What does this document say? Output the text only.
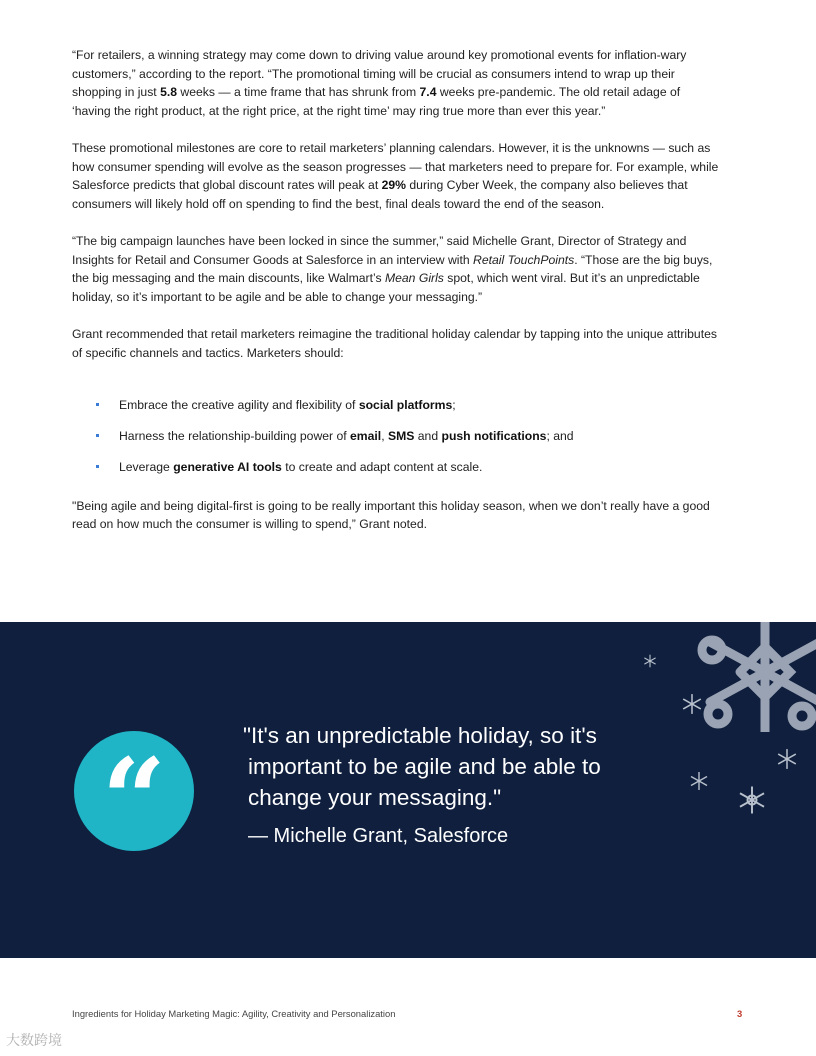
“For retailers, a winning strategy may come down to driving value around key promotional events for inflation-wary customers,” according to the report. “The promotional timing will be crucial as consumers intend to wrap up their shopping in just 5.8 weeks — a time frame that has shrunk from 7.4 weeks pre-pandemic. The old retail adage of ‘having the right product, at the right price, at the right time’ may ring true more than ever this year.”

These promotional milestones are core to retail marketers’ planning calendars. However, it is the unknowns — such as how consumer spending will evolve as the season progresses — that marketers need to prepare for. For example, while Salesforce predicts that global discount rates will peak at 29% during Cyber Week, the company also believes that consumers will likely hold off on spending to find the best, final deals toward the end of the season.

“The big campaign launches have been locked in since the summer,” said Michelle Grant, Director of Strategy and Insights for Retail and Consumer Goods at Salesforce in an interview with Retail TouchPoints. “Those are the big buys, the big messaging and the main discounts, like Walmart’s Mean Girls spot, which went viral. But it’s an unpredictable holiday, so it’s important to be agile and be able to change your messaging.”

Grant recommended that retail marketers reimagine the traditional holiday calendar by tapping into the unique attributes of specific channels and tactics. Marketers should:

Embrace the creative agility and flexibility of social platforms;
Harness the relationship-building power of email, SMS and push notifications; and
Leverage generative AI tools to create and adapt content at scale.

"Being agile and being digital-first is going to be really important this holiday season, when we don’t really have a good read on how much the consumer is willing to spend,” Grant noted.

“	"It's an unpredictable holiday, so it's
important to be agile and be able to
change your messaging."
— Michelle Grant, Salesforce
Ingredients for Holiday Marketing Magic: Agility, Creativity and Personalization	3
大数跨境
